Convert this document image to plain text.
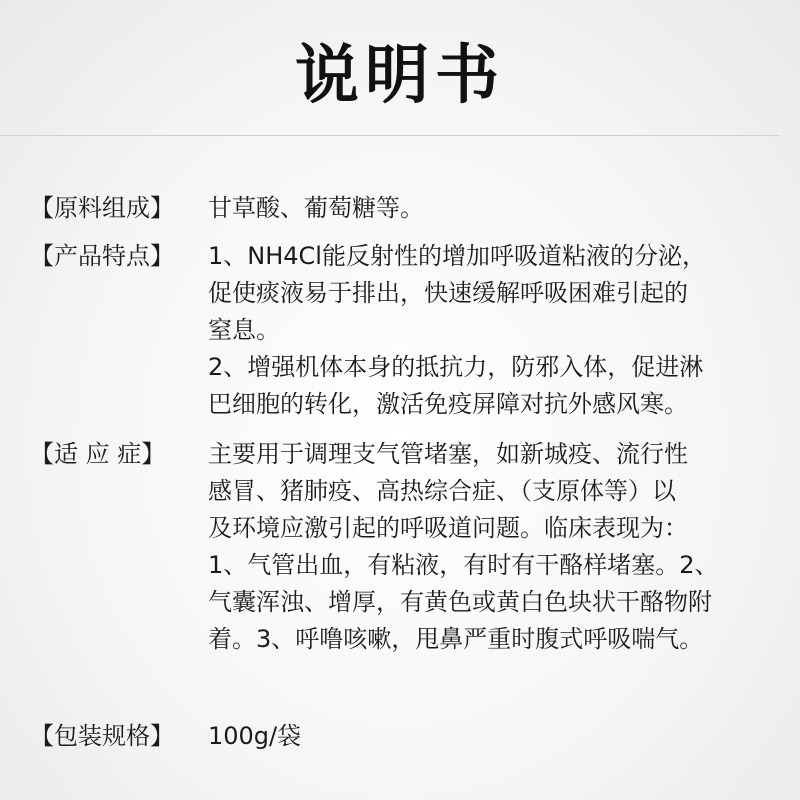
说明书
【原料组成】	甘草酸、葡萄糖等。
【产品特点】	1、NH4Cl能反射性的增加呼吸道粘液的分泌，
促使痰液易于排出，快速缓解呼吸困难引起的
窒息。
2、增强机体本身的抵抗力，防邪入体，促进淋
巴细胞的转化，激活免疫屏障对抗外感风寒。
【适 应 症】	主要用于调理支气管堵塞，如新城疫、流行性
感冒、猪肺疫、高热综合症、（支原体等）以
及环境应激引起的呼吸道问题。临床表现为：
1、气管出血，有粘液，有时有干酪样堵塞。2、
气囊浑浊、增厚，有黄色或黄白色块状干酪物附
着。3、呼噜咳嗽，甩鼻严重时腹式呼吸喘气。
【包装规格】	100g/袋
